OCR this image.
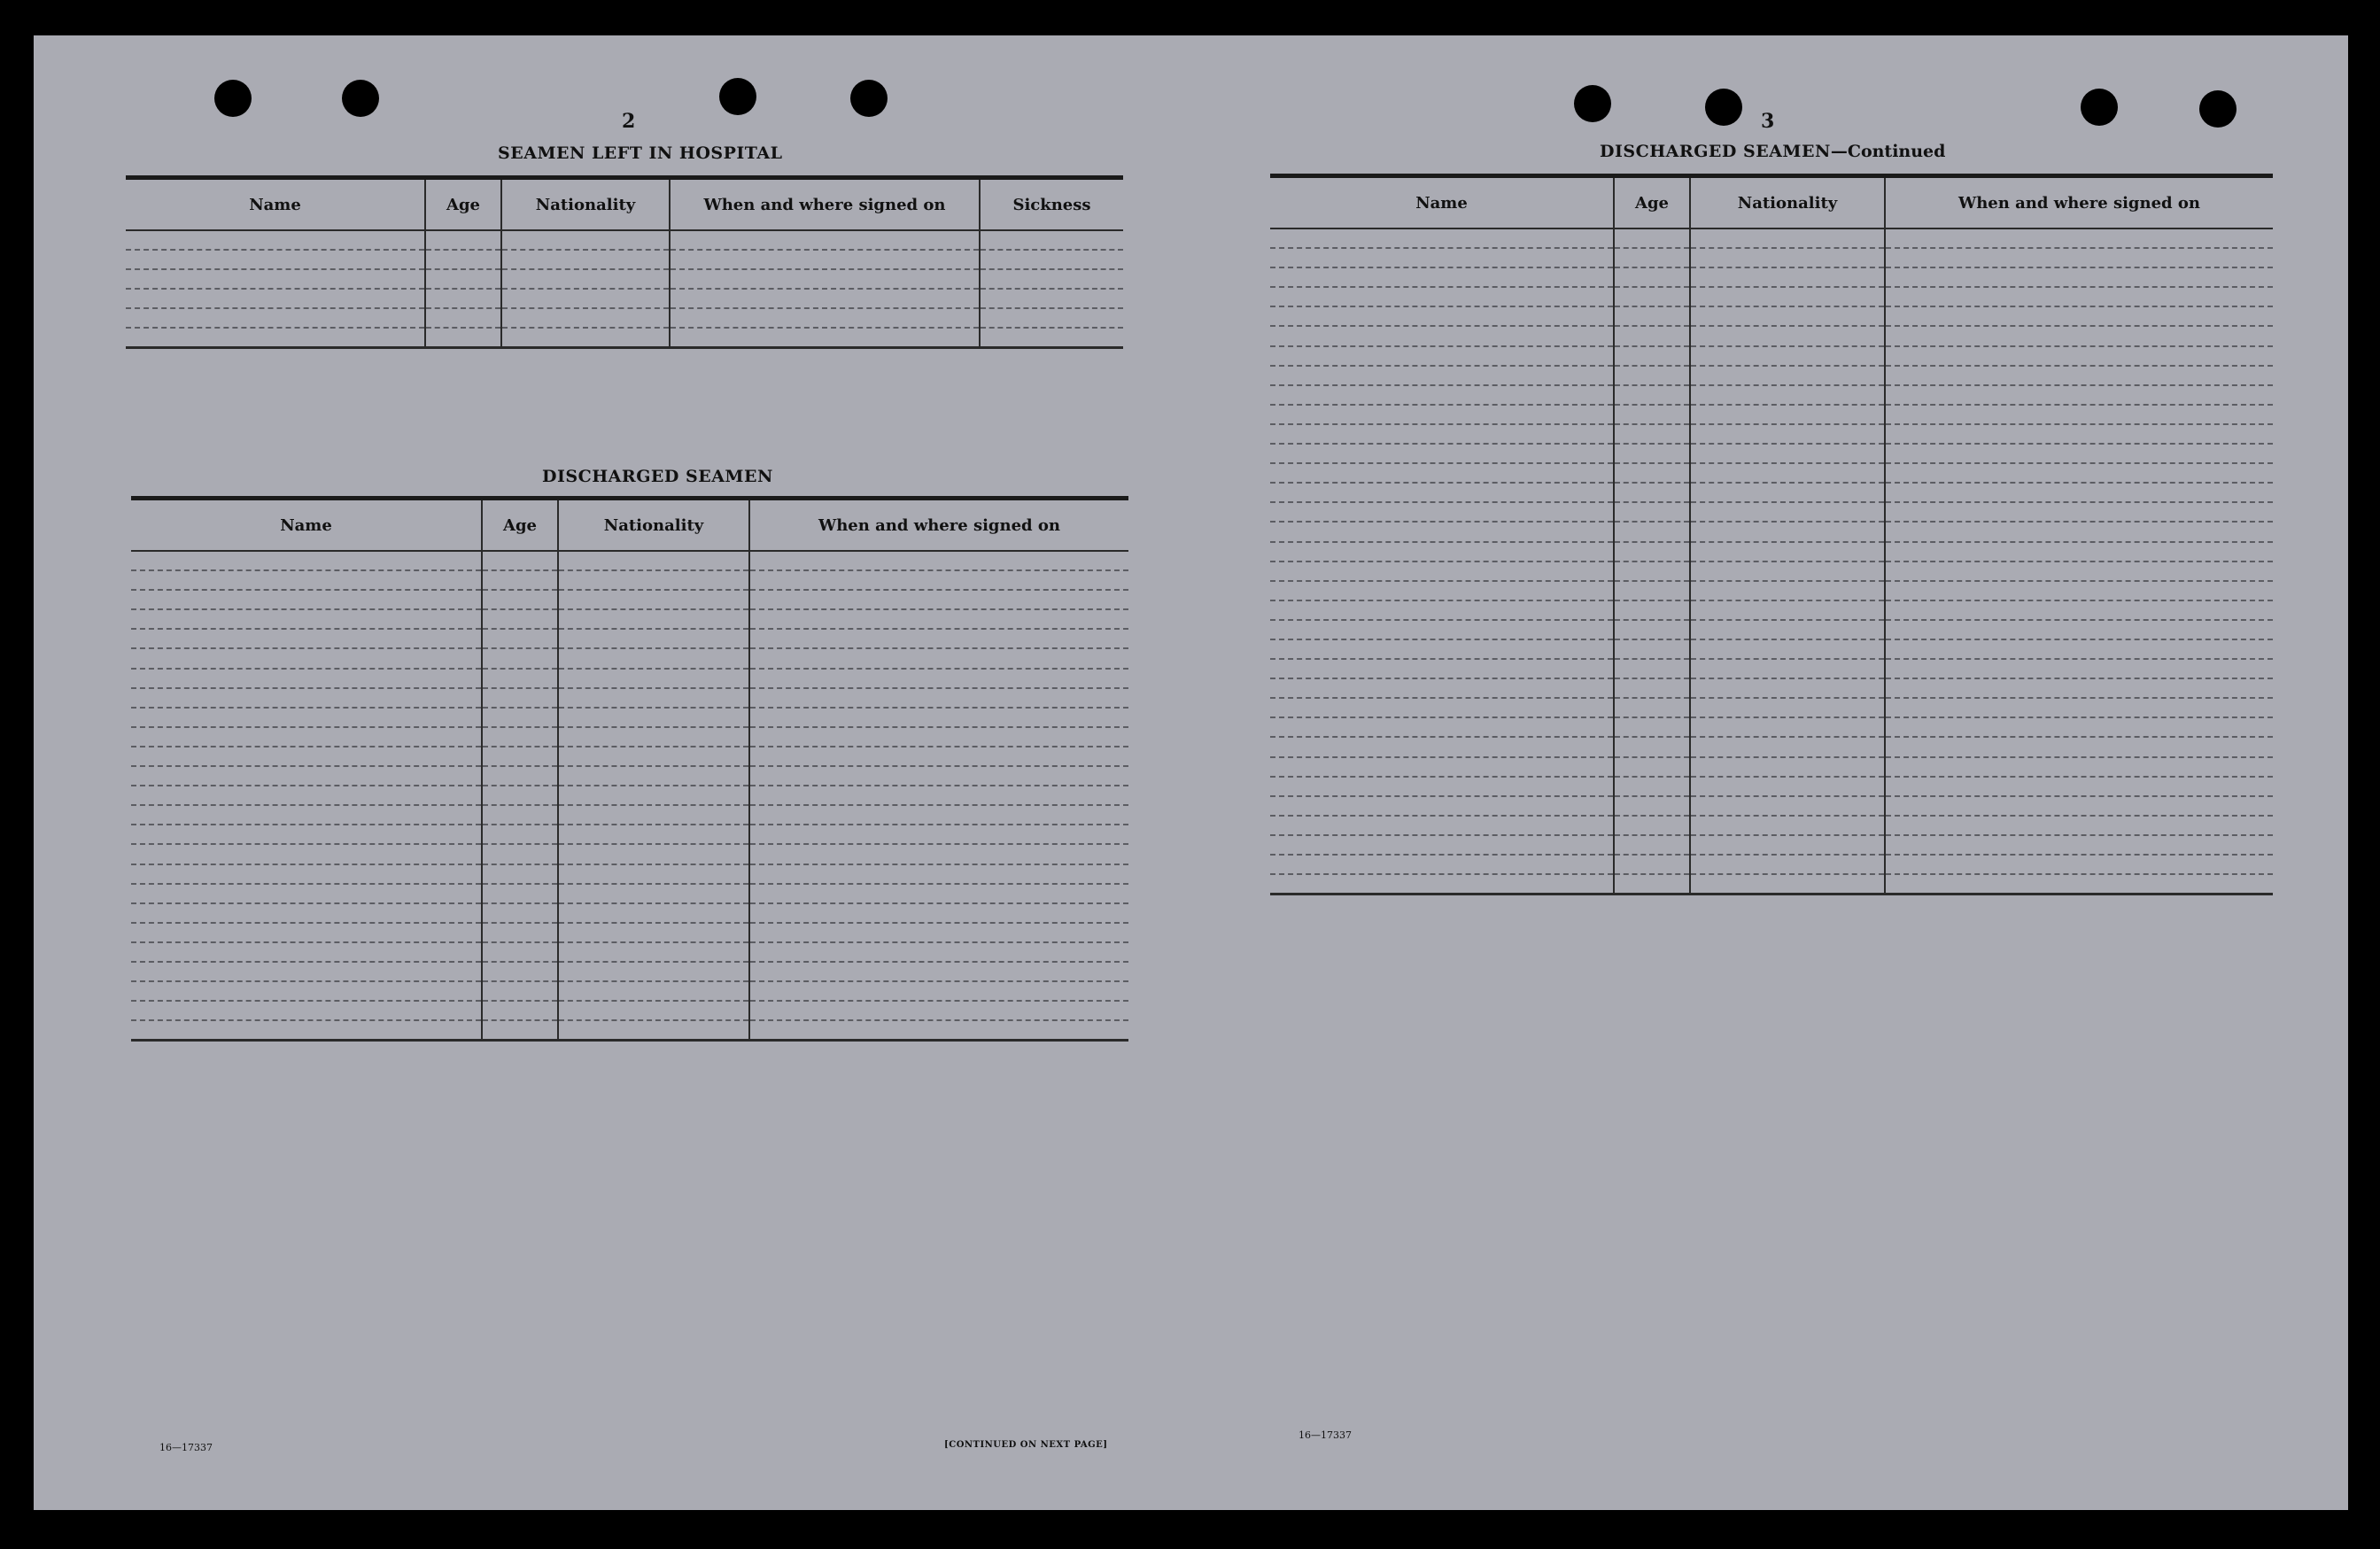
2

SEAMEN LEFT IN HOSPITAL

Name	Age	Nationality	When and where signed on	Sickness

DISCHARGED SEAMEN

Name	Age	Nationality	When and where signed on

16—17337	[CONTINUED ON NEXT PAGE]

3

DISCHARGED SEAMEN—Continued

Name	Age	Nationality	When and where signed on

16—17337
